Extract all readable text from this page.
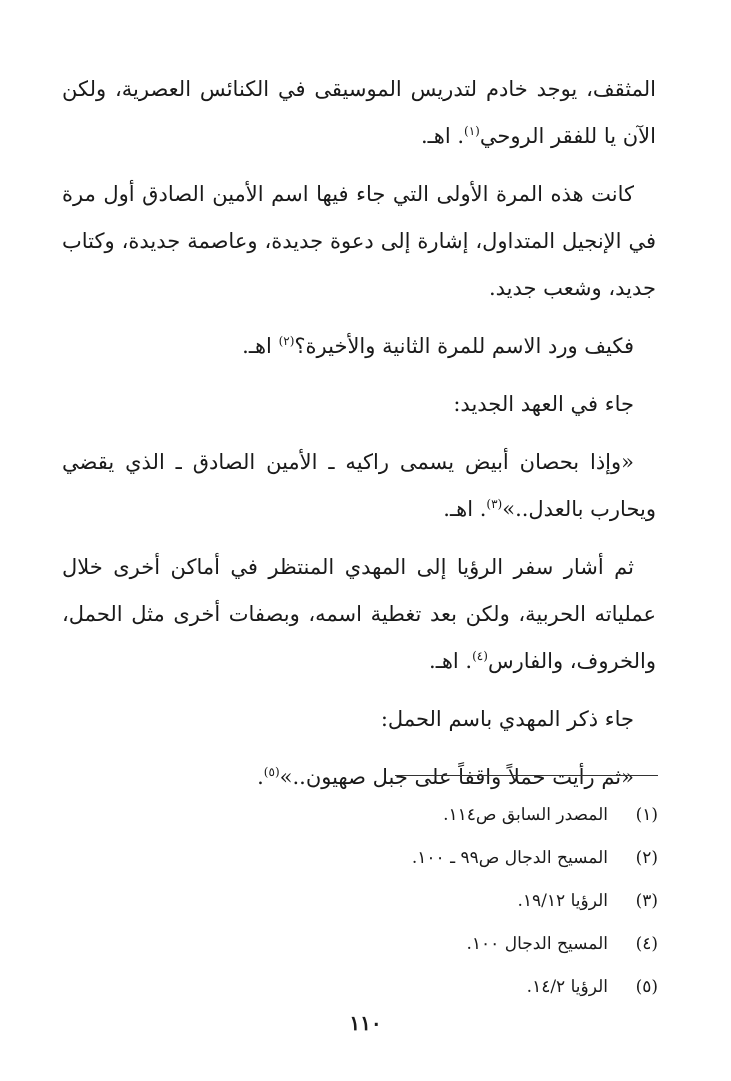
المثقف، يوجد خادم لتدريس الموسيقى في الكنائس العصرية، ولكن الآن يا للفقر الروحي$^{(١)}$. اهـ.

كانت هذه المرة الأولى التي جاء فيها اسم الأمين الصادق أول مرة في الإنجيل المتداول، إشارة إلى دعوة جديدة، وعاصمة جديدة، وكتاب جديد، وشعب جديد.

فكيف ورد الاسم للمرة الثانية والأخيرة؟$^{(٢)}$ اهـ.

جاء في العهد الجديد:

«وإذا بحصان أبيض يسمى راكيه ـ الأمين الصادق ـ الذي يقضي ويحارب بالعدل..»$^{(٣)}$. اهـ.

ثم أشار سفر الرؤيا إلى المهدي المنتظر في أماكن أخرى خلال عملياته الحربية، ولكن بعد تغطية اسمه، وبصفات أخرى مثل الحمل، والخروف، والفارس$^{(٤)}$. اهـ.

جاء ذكر المهدي باسم الحمل:

«ثم رأيت حملاً واقفاً على جبل صهيون..»$^{(٥)}$.

(١)المصدر السابق ص١١٤.
(٢)المسيح الدجال ص٩٩ ـ ١٠٠.
(٣)الرؤيا ١٩/١٢.
(٤)المسيح الدجال ١٠٠.
(٥)الرؤيا ١٤/٢.
١١٠
